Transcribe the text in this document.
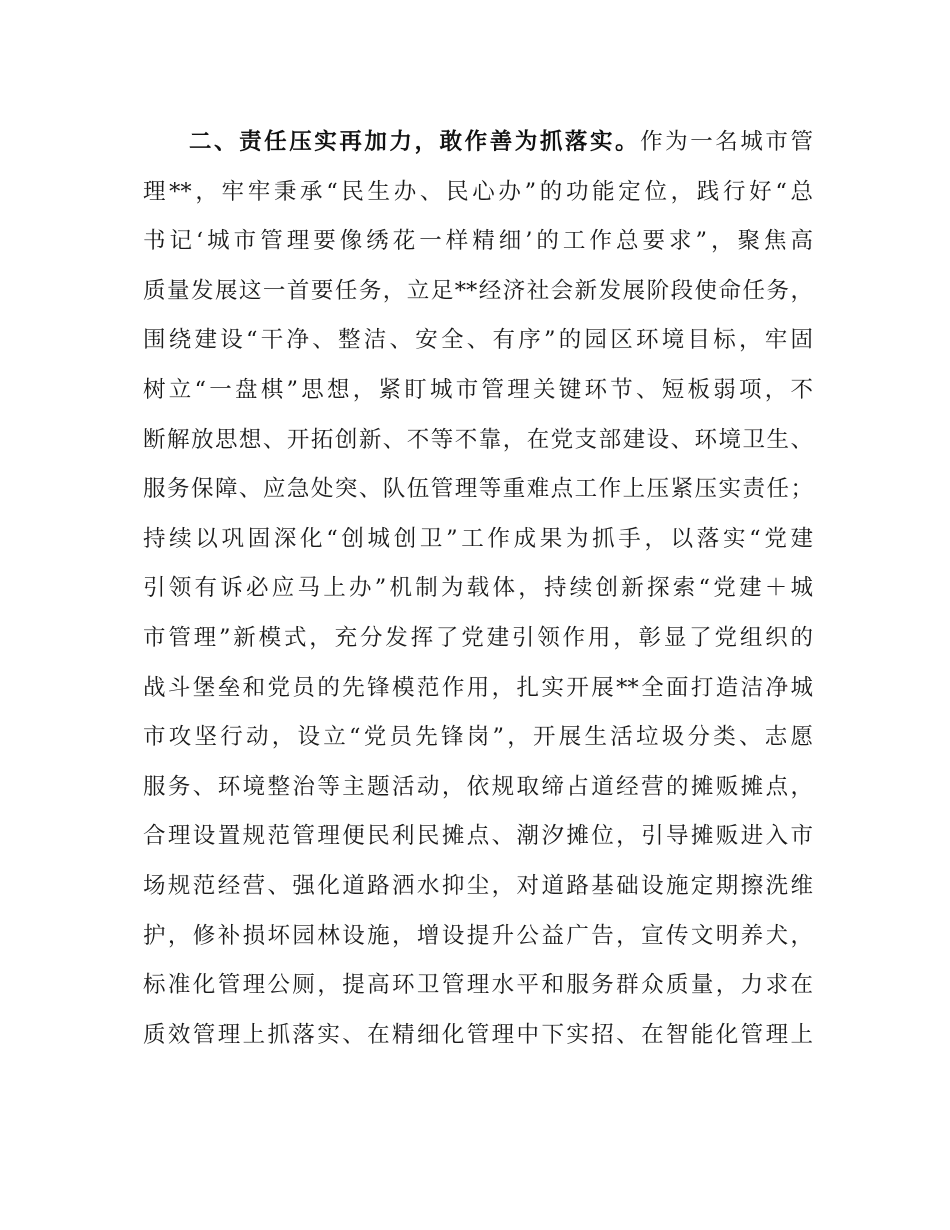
二、责任压实再加力，敢作善为抓落实。作为一名城市管
理**，牢牢秉承“民生办、民心办”的功能定位，践行好“总
书记‘城市管理要像绣花一样精细’的工作总要求”，聚焦高
质量发展这一首要任务，立足**经济社会新发展阶段使命任务，
围绕建设“干净、整洁、安全、有序”的园区环境目标，牢固
树立“一盘棋”思想，紧盯城市管理关键环节、短板弱项，不
断解放思想、开拓创新、不等不靠，在党支部建设、环境卫生、
服务保障、应急处突、队伍管理等重难点工作上压紧压实责任；
持续以巩固深化“创城创卫”工作成果为抓手，以落实“党建
引领有诉必应马上办”机制为载体，持续创新探索“党建＋城
市管理”新模式，充分发挥了党建引领作用，彰显了党组织的
战斗堡垒和党员的先锋模范作用，扎实开展**全面打造洁净城
市攻坚行动，设立“党员先锋岗”，开展生活垃圾分类、志愿
服务、环境整治等主题活动，依规取缔占道经营的摊贩摊点，
合理设置规范管理便民利民摊点、潮汐摊位，引导摊贩进入市
场规范经营、强化道路洒水抑尘，对道路基础设施定期擦洗维
护，修补损坏园林设施，增设提升公益广告，宣传文明养犬，
标准化管理公厕，提高环卫管理水平和服务群众质量，力求在
质效管理上抓落实、在精细化管理中下实招、在智能化管理上
